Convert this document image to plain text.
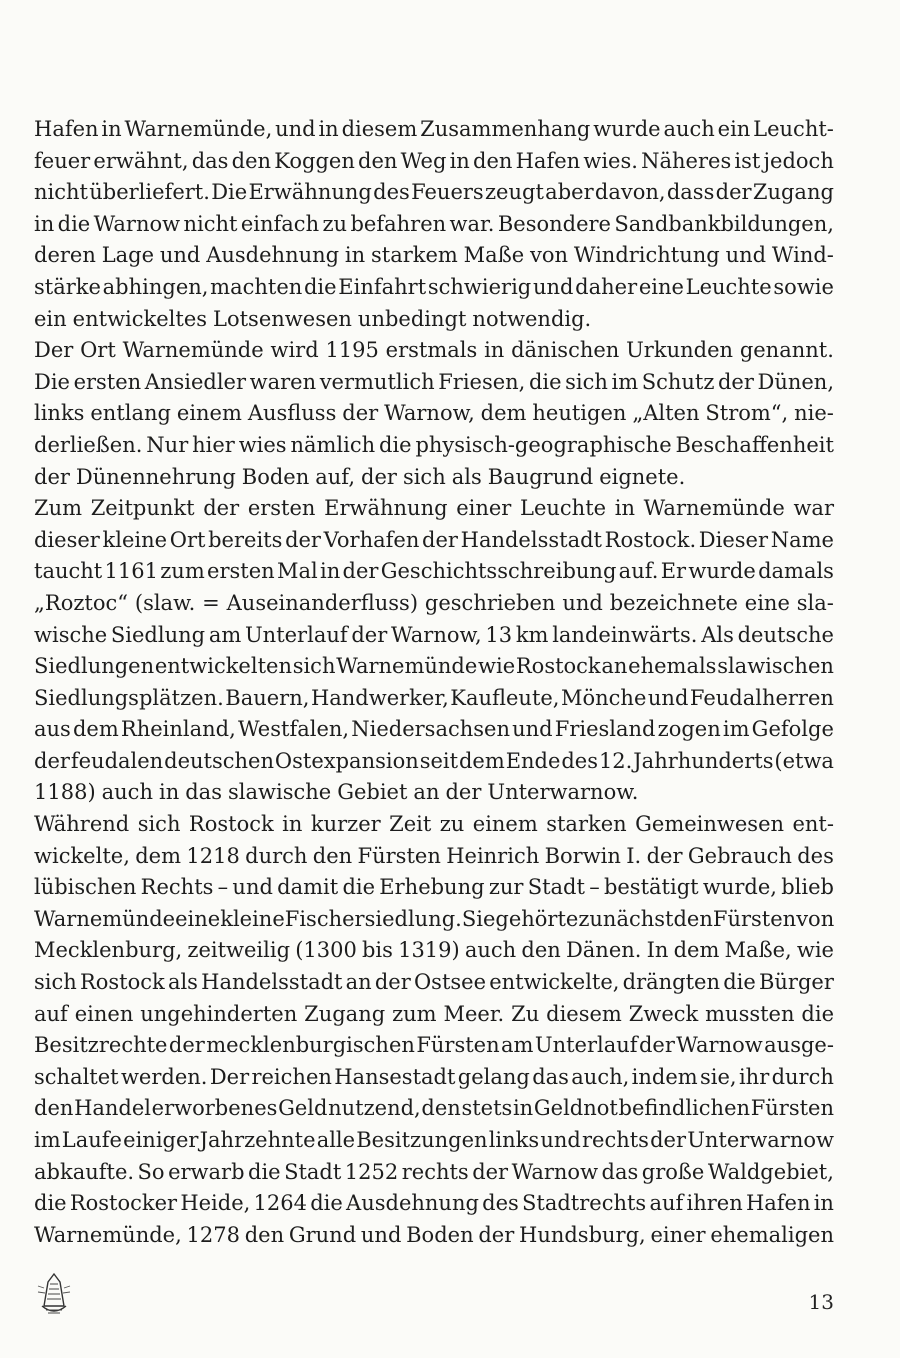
Hafen in Warnemünde, und in diesem Zusammenhang wurde auch ein Leucht-
feuer erwähnt, das den Koggen den Weg in den Hafen wies. Näheres ist jedoch
nicht überliefert. Die Erwähnung des Feuers zeugt aber davon, dass der Zugang
in die Warnow nicht einfach zu befahren war. Besondere Sandbankbildungen,
deren Lage und Ausdehnung in starkem Maße von Windrichtung und Wind-
stärke abhingen, machten die Einfahrt schwierig und daher eine Leuchte sowie
ein entwickeltes Lotsenwesen unbedingt notwendig.
Der Ort Warnemünde wird 1195 erstmals in dänischen Urkunden genannt.
Die ersten Ansiedler waren vermutlich Friesen, die sich im Schutz der Dünen,
links entlang einem Ausfluss der Warnow, dem heutigen „Alten Strom“, nie-
derließen. Nur hier wies nämlich die physisch-geographische Beschaffenheit
der Dünennehrung Boden auf, der sich als Baugrund eignete.
Zum Zeitpunkt der ersten Erwähnung einer Leuchte in Warnemünde war
dieser kleine Ort bereits der Vorhafen der Handelsstadt Rostock. Dieser Name
taucht 1161 zum ersten Mal in der Geschichtsschreibung auf. Er wurde damals
„Roztoc“ (slaw. = Auseinanderfluss) geschrieben und bezeichnete eine sla-
wische Siedlung am Unterlauf der Warnow, 13 km landeinwärts. Als deutsche
Siedlungen entwickelten sich Warnemünde wie Rostock an ehemals slawischen
Siedlungsplätzen. Bauern, Handwerker, Kaufleute, Mönche und Feudalherren
aus dem Rheinland, Westfalen, Niedersachsen und Friesland zogen im Gefolge
der feudalen deutschen Ostexpansion seit dem Ende des 12. Jahrhunderts (etwa
1188) auch in das slawische Gebiet an der Unterwarnow.
Während sich Rostock in kurzer Zeit zu einem starken Gemeinwesen ent-
wickelte, dem 1218 durch den Fürsten Heinrich Borwin I. der Gebrauch des
lübischen Rechts – und damit die Erhebung zur Stadt – bestätigt wurde, blieb
Warnemünde eine kleine Fischersiedlung. Sie gehörte zunächst den Fürsten von
Mecklenburg, zeitweilig (1300 bis 1319) auch den Dänen. In dem Maße, wie
sich Rostock als Handelsstadt an der Ostsee entwickelte, drängten die Bürger
auf einen ungehinderten Zugang zum Meer. Zu diesem Zweck mussten die
Besitzrechte der mecklenburgischen Fürsten am Unterlauf der Warnow ausge-
schaltet werden. Der reichen Hansestadt gelang das auch, indem sie, ihr durch
den Handel erworbenes Geld nutzend, den stets in Geldnot befindlichen Fürsten
im Laufe einiger Jahrzehnte alle Besitzungen links und rechts der Unterwarnow
abkaufte. So erwarb die Stadt 1252 rechts der Warnow das große Waldgebiet,
die Rostocker Heide, 1264 die Ausdehnung des Stadtrechts auf ihren Hafen in
Warnemünde, 1278 den Grund und Boden der Hundsburg, einer ehemaligen
13
